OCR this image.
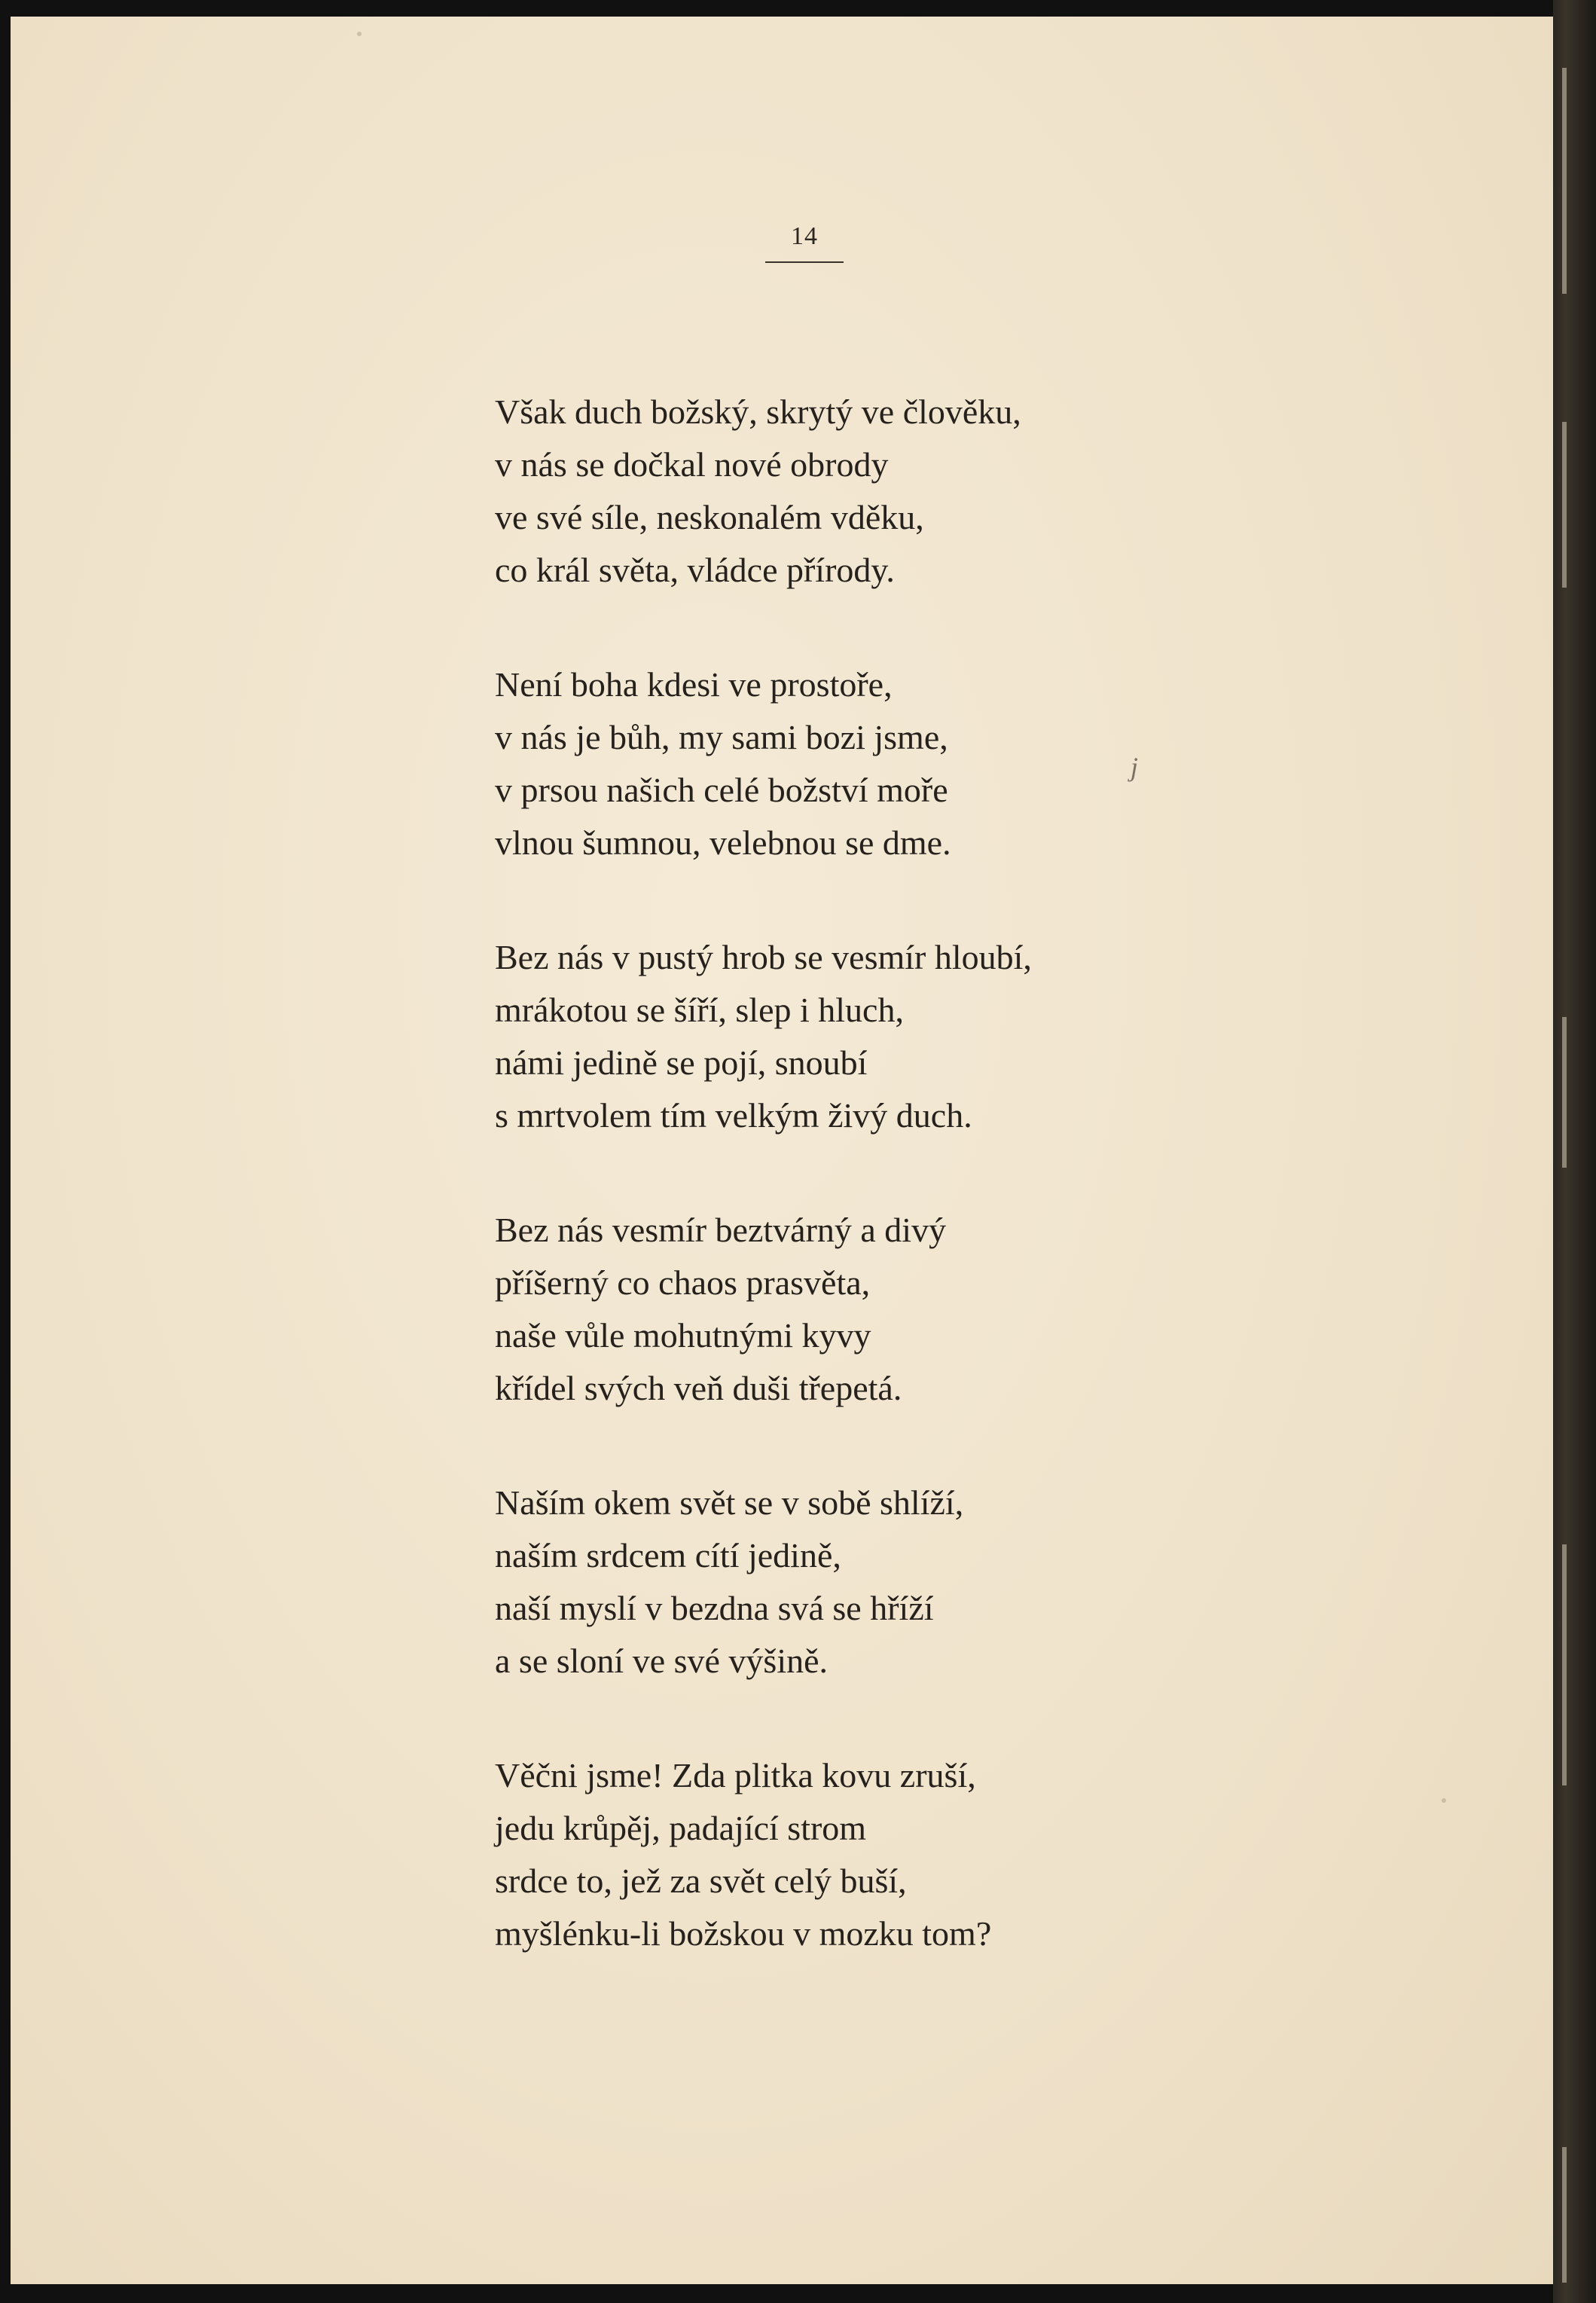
14
Však duch božský, skrytý ve člověku,
v nás se dočkal nové obrody
ve své síle, neskonalém vděku,
co král světa, vládce přírody.
Není boha kdesi ve prostoře,
v nás je bůh, my sami bozi jsme,
v prsou našich celé božství moře
vlnou šumnou, velebnou se dme.
Bez nás v pustý hrob se vesmír hloubí,
mrákotou se šíří, slep i hluch,
námi jedině se pojí, snoubí
s mrtvolem tím velkým živý duch.
Bez nás vesmír beztvárný a divý
příšerný co chaos prasvěta,
naše vůle mohutnými kyvy
křídel svých veň duši třepetá.
Naším okem svět se v sobě shlíží,
naším srdcem cítí jedině,
naší myslí v bezdna svá se hříží
a se sloní ve své výšině.
Věčni jsme! Zda plitka kovu zruší,
jedu krůpěj, padající strom
srdce to, jež za svět celý buší,
myšlénku-li božskou v mozku tom?
j
